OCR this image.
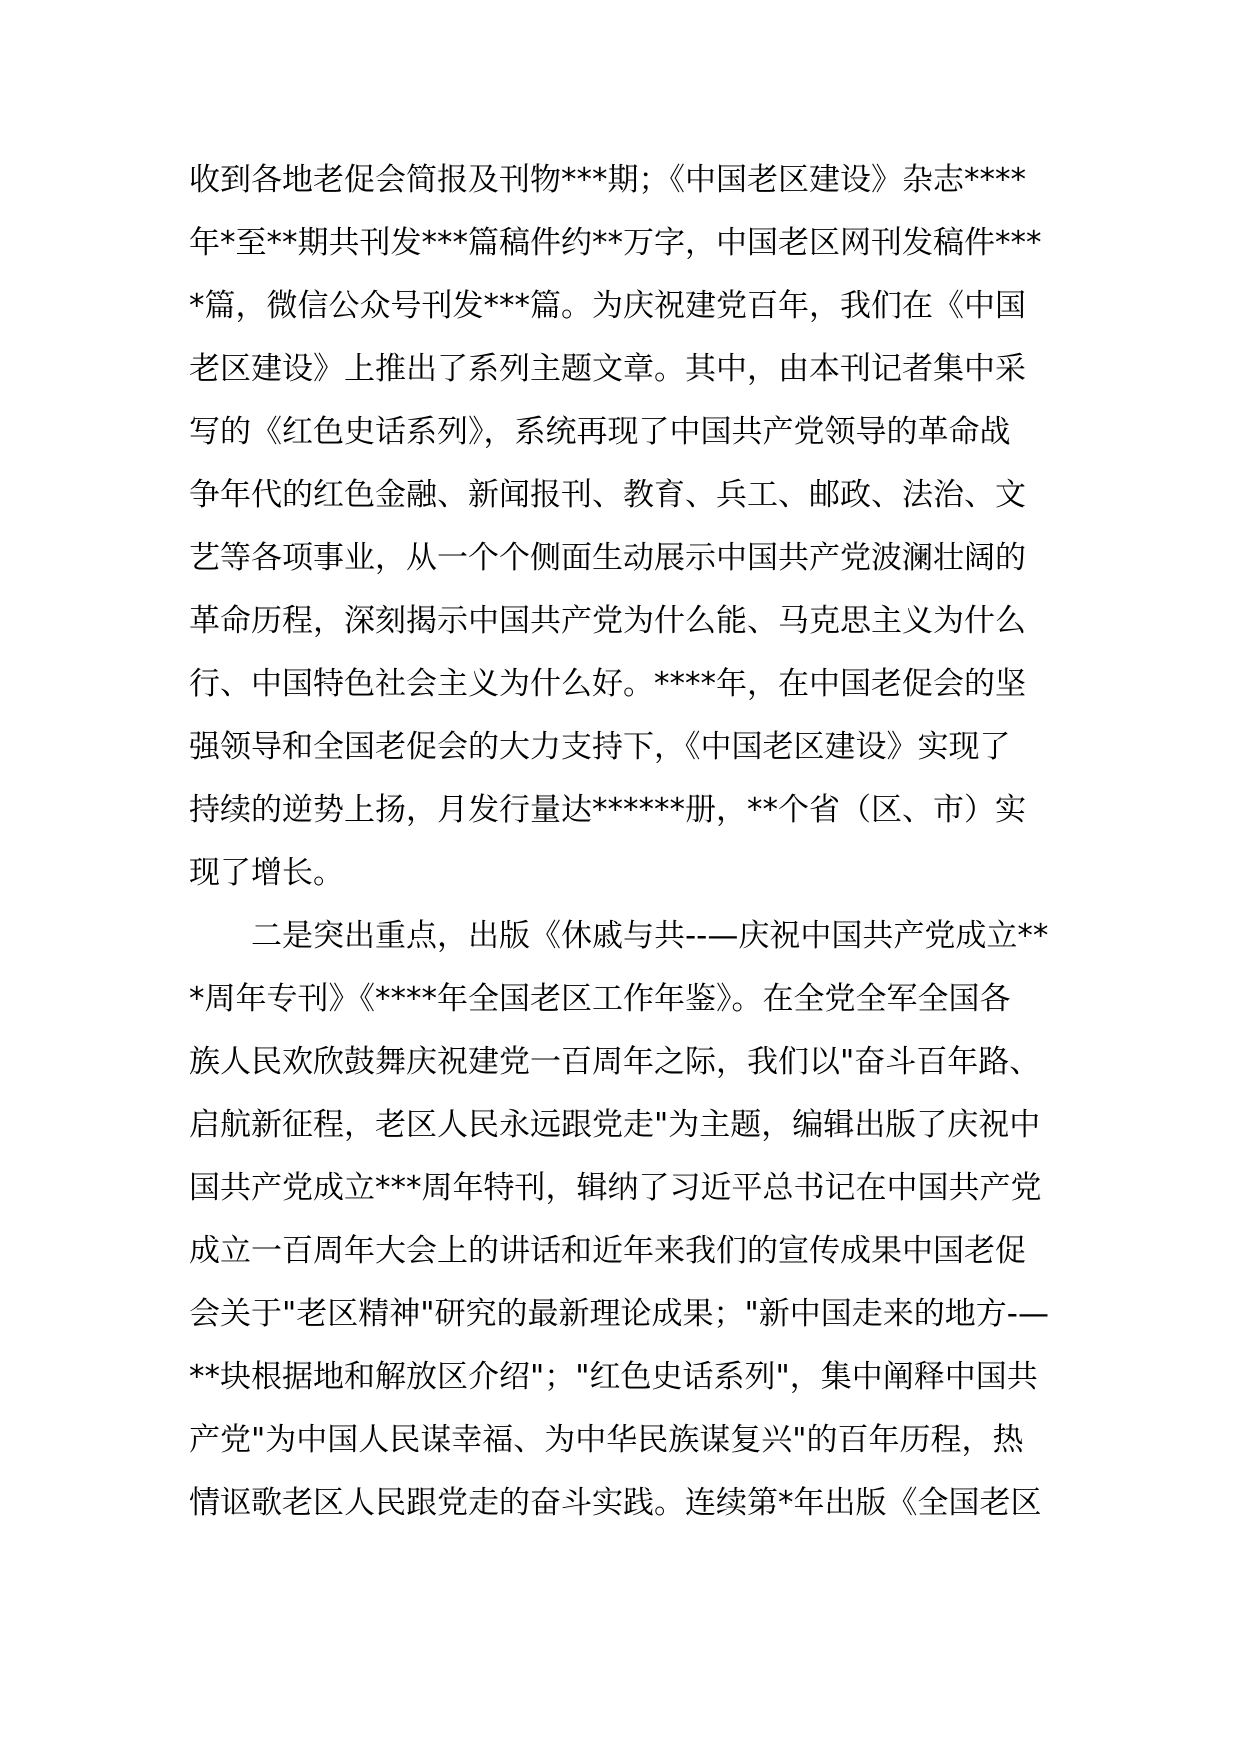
收到各地老促会简报及刊物***期；《中国老区建设》杂志****
年*至**期共刊发***篇稿件约**万字，中国老区网刊发稿件***
*篇，微信公众号刊发***篇。为庆祝建党百年，我们在《中国
老区建设》上推出了系列主题文章。其中，由本刊记者集中采
写的《红色史话系列》，系统再现了中国共产党领导的革命战
争年代的红色金融、新闻报刊、教育、兵工、邮政、法治、文
艺等各项事业，从一个个侧面生动展示中国共产党波澜壮阔的
革命历程，深刻揭示中国共产党为什么能、马克思主义为什么
行、中国特色社会主义为什么好。****年，在中国老促会的坚
强领导和全国老促会的大力支持下，《中国老区建设》实现了
持续的逆势上扬，月发行量达******册，**个省（区、市）实
现了增长。
二是突出重点，出版《休戚与共--—庆祝中国共产党成立**
*周年专刊》《****年全国老区工作年鉴》。在全党全军全国各
族人民欢欣鼓舞庆祝建党一百周年之际，我们以"奋斗百年路、
启航新征程，老区人民永远跟党走"为主题，编辑出版了庆祝中
国共产党成立***周年特刊，辑纳了习近平总书记在中国共产党
成立一百周年大会上的讲话和近年来我们的宣传成果中国老促
会关于"老区精神"研究的最新理论成果；"新中国走来的地方-—
**块根据地和解放区介绍"；"红色史话系列"，集中阐释中国共
产党"为中国人民谋幸福、为中华民族谋复兴"的百年历程，热
情讴歌老区人民跟党走的奋斗实践。连续第*年出版《全国老区
